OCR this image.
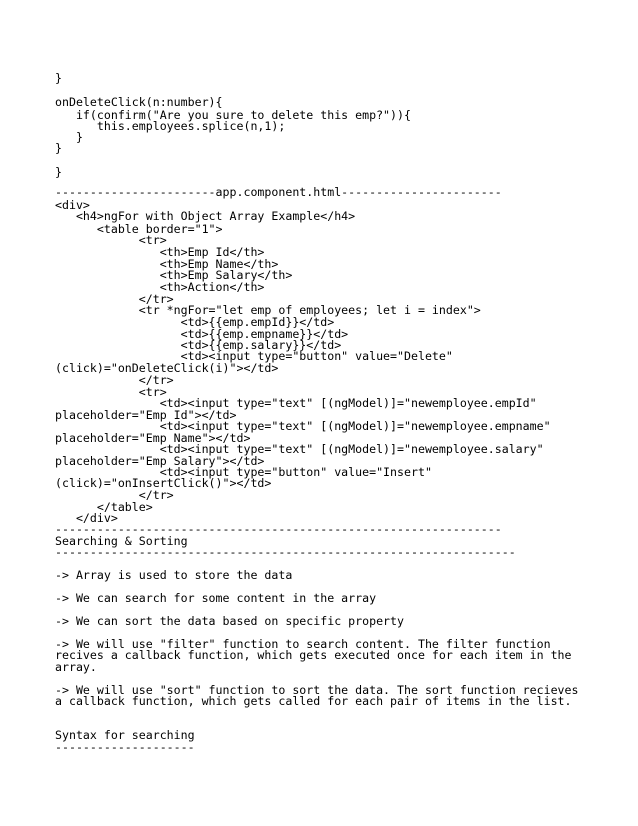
}
onDeleteClick(n:number){
if(confirm("Are you sure to delete this emp?")){
this.employees.splice(n,1);
}
}
}
-----------------------app.component.html-----------------------
<div>
<h4>ngFor with Object Array Example</h4>
<table border="1">
<tr>
<th>Emp Id</th>
<th>Emp Name</th>
<th>Emp Salary</th>
<th>Action</th>
</tr>
<tr *ngFor="let emp of employees; let i = index">
<td>{{emp.empId}}</td>
<td>{{emp.empname}}</td>
<td>{{emp.salary}}</td>
<td><input type="button" value="Delete"
(click)="onDeleteClick(i)"></td>
</tr>
<tr>
<td><input type="text" [(ngModel)]="newemployee.empId"
placeholder="Emp Id"></td>
<td><input type="text" [(ngModel)]="newemployee.empname"
placeholder="Emp Name"></td>
<td><input type="text" [(ngModel)]="newemployee.salary"
placeholder="Emp Salary"></td>
<td><input type="button" value="Insert"
(click)="onInsertClick()"></td>
</tr>
</table>
</div>
----------------------------------------------------------------
Searching & Sorting
------------------------------------------------------------------
-> Array is used to store the data
-> We can search for some content in the array
-> We can sort the data based on specific property
-> We will use "filter" function to search content. The filter function
recives a callback function, which gets executed once for each item in the
array.
-> We will use "sort" function to sort the data. The sort function recieves
a callback function, which gets called for each pair of items in the list.
Syntax for searching
--------------------
